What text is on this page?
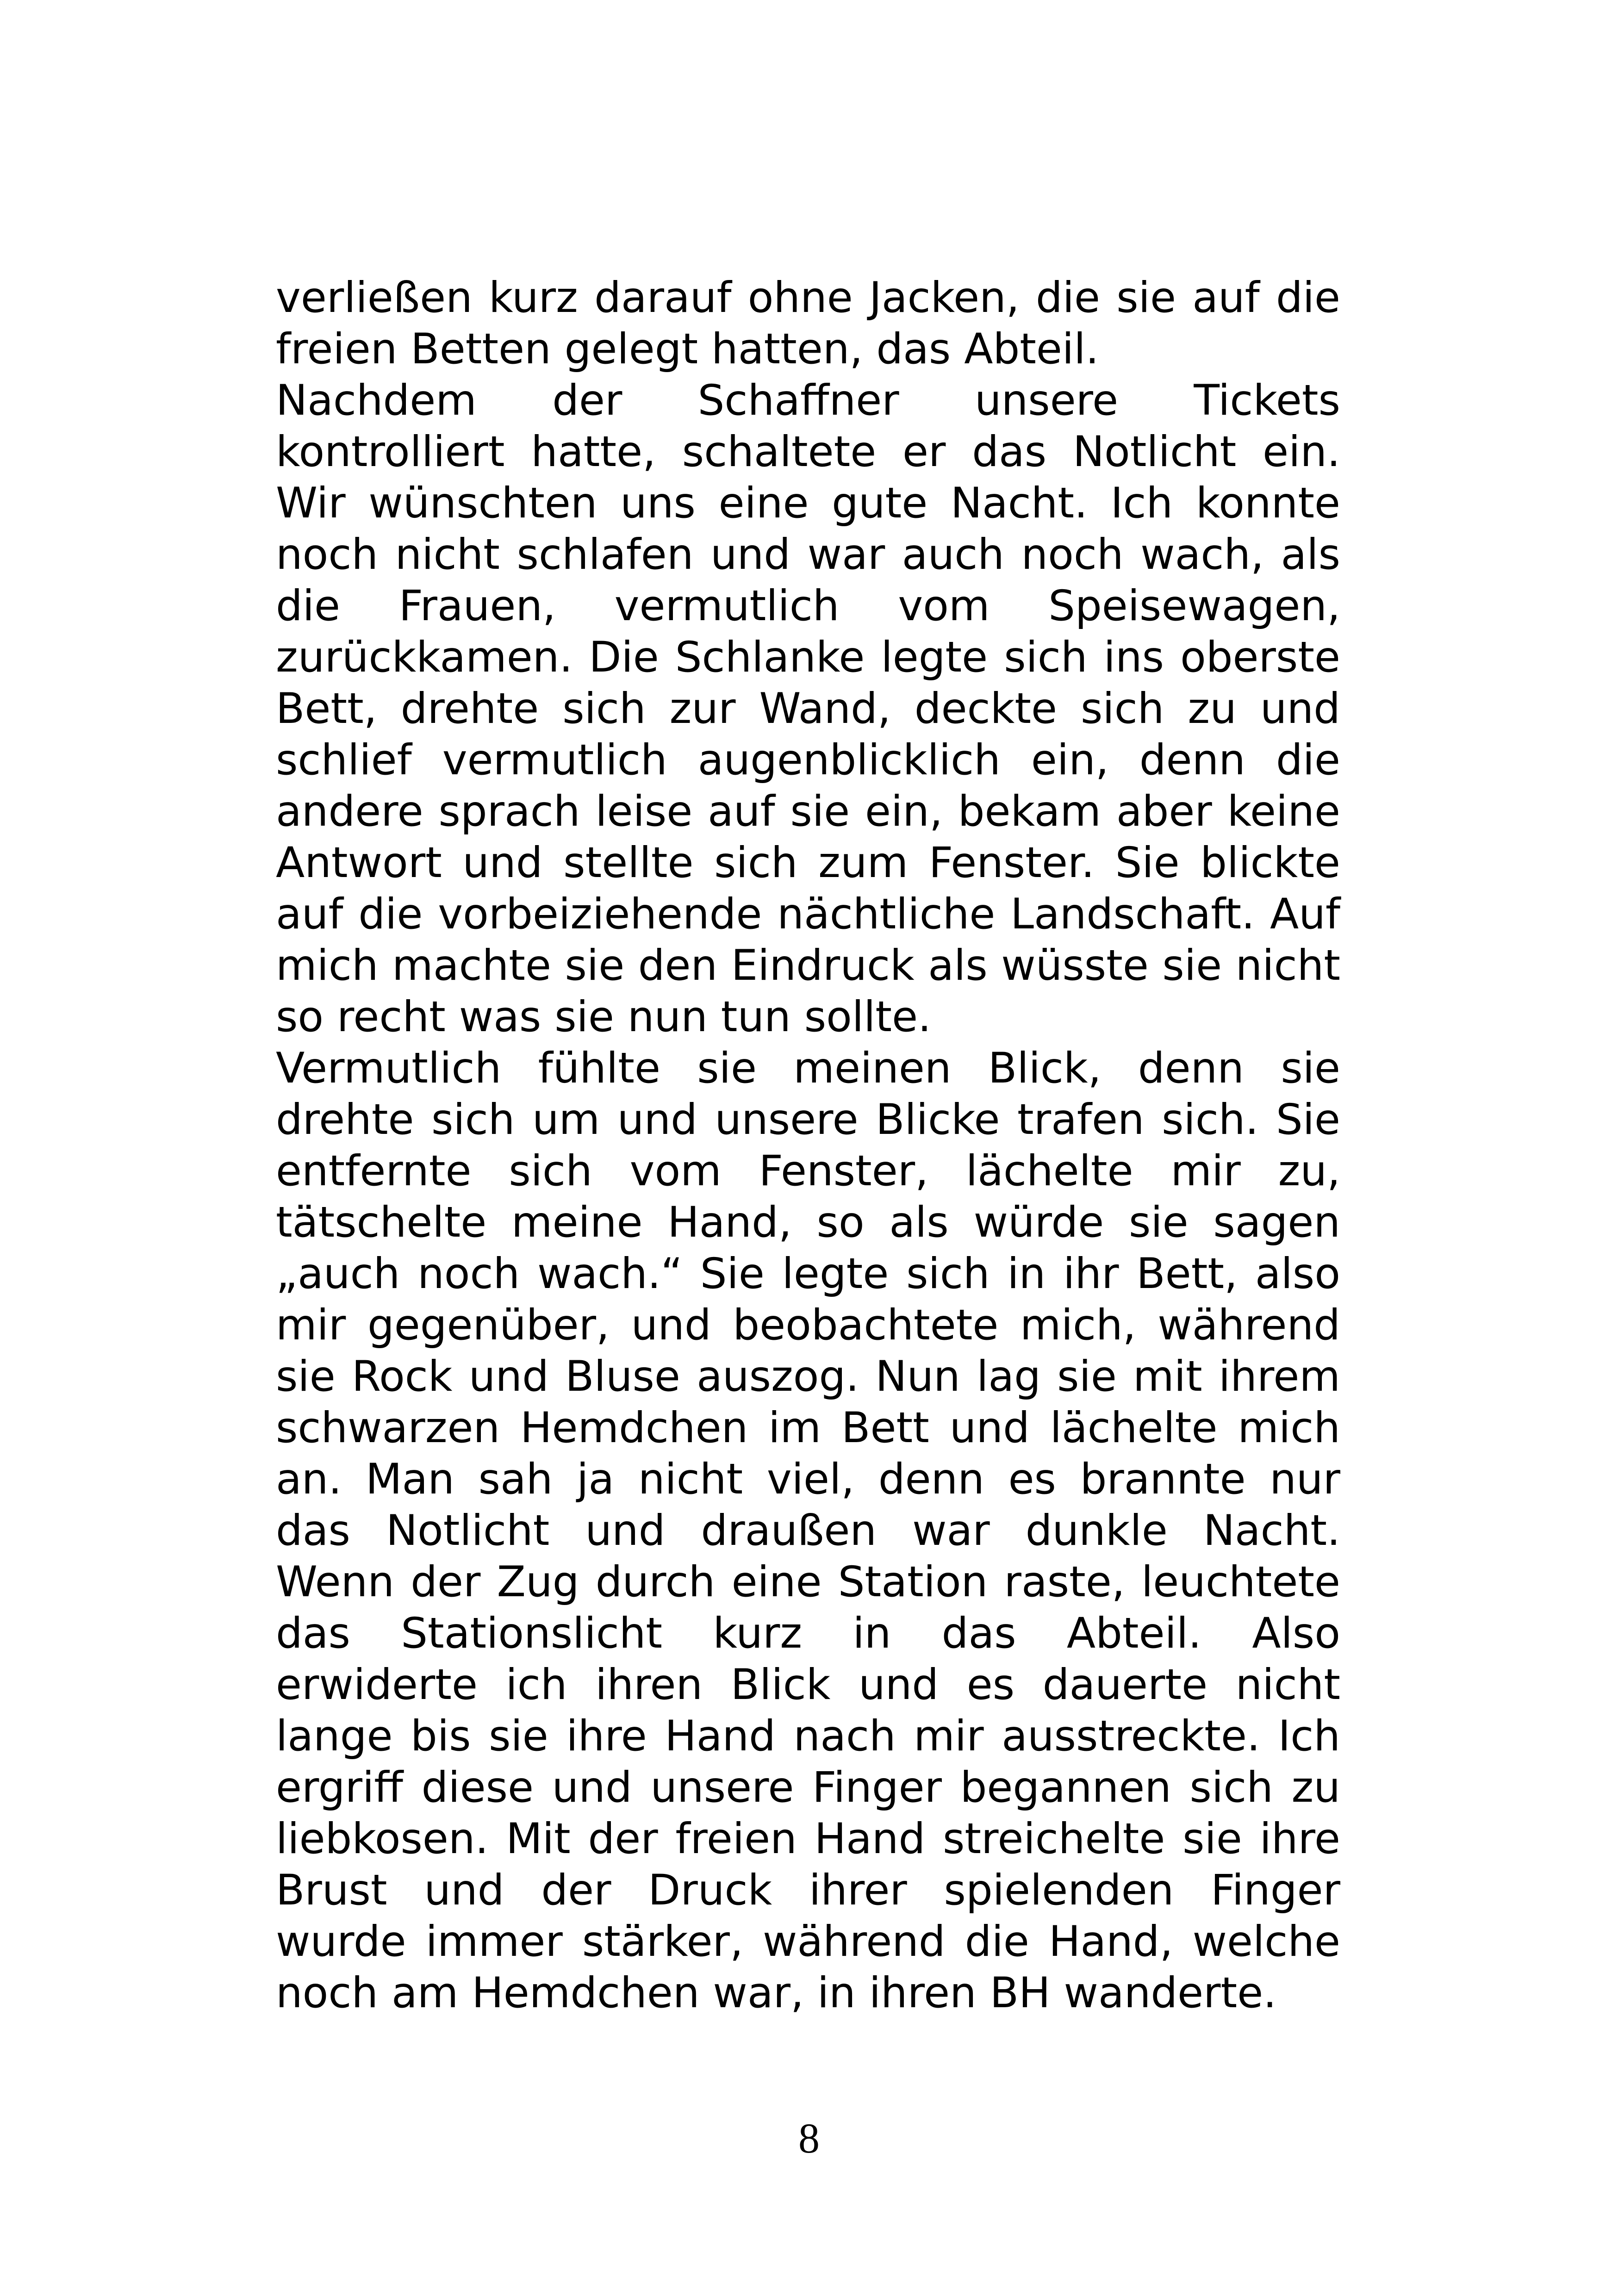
verließen kurz darauf ohne Jacken, die sie auf die
freien Betten gelegt hatten, das Abteil.
Nachdem der Schaffner unsere Tickets
kontrolliert hatte, schaltete er das Notlicht ein.
Wir wünschten uns eine gute Nacht. Ich konnte
noch nicht schlafen und war auch noch wach, als
die Frauen, vermutlich vom Speisewagen,
zurückkamen. Die Schlanke legte sich ins oberste
Bett, drehte sich zur Wand, deckte sich zu und
schlief vermutlich augenblicklich ein, denn die
andere sprach leise auf sie ein, bekam aber keine
Antwort und stellte sich zum Fenster. Sie blickte
auf die vorbeiziehende nächtliche Landschaft. Auf
mich machte sie den Eindruck als wüsste sie nicht
so recht was sie nun tun sollte.
Vermutlich fühlte sie meinen Blick, denn sie
drehte sich um und unsere Blicke trafen sich. Sie
entfernte sich vom Fenster, lächelte mir zu,
tätschelte meine Hand, so als würde sie sagen
„auch noch wach.“ Sie legte sich in ihr Bett, also
mir gegenüber, und beobachtete mich, während
sie Rock und Bluse auszog. Nun lag sie mit ihrem
schwarzen Hemdchen im Bett und lächelte mich
an. Man sah ja nicht viel, denn es brannte nur
das Notlicht und draußen war dunkle Nacht.
Wenn der Zug durch eine Station raste, leuchtete
das Stationslicht kurz in das Abteil. Also
erwiderte ich ihren Blick und es dauerte nicht
lange bis sie ihre Hand nach mir ausstreckte. Ich
ergriff diese und unsere Finger begannen sich zu
liebkosen. Mit der freien Hand streichelte sie ihre
Brust und der Druck ihrer spielenden Finger
wurde immer stärker, während die Hand, welche
noch am Hemdchen war, in ihren BH wanderte.
8
